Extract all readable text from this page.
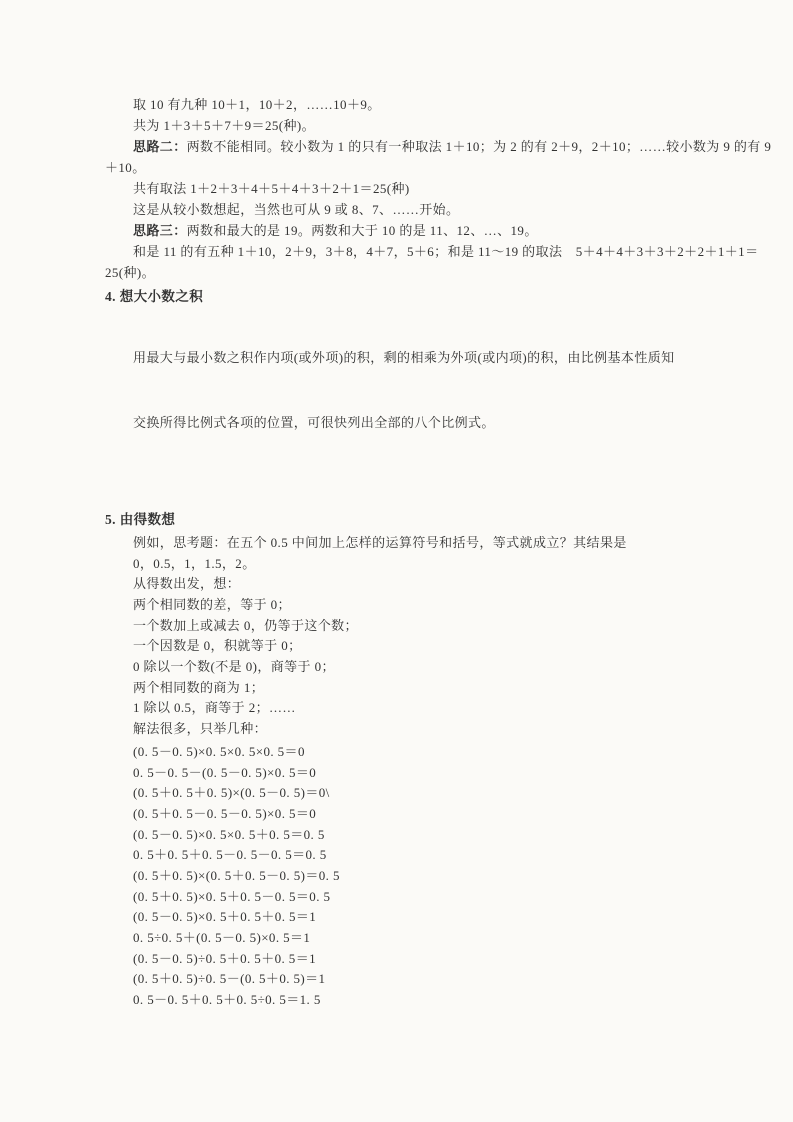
取 10 有九种 10＋1，10＋2，……10＋9。
共为 1＋3＋5＋7＋9＝25(种)。
思路二：两数不能相同。较小数为 1 的只有一种取法 1＋10；为 2 的有 2＋9，2＋10；……较小数为 9 的有 9
＋10。
共有取法 1＋2＋3＋4＋5＋4＋3＋2＋1＝25(种)
这是从较小数想起，当然也可从 9 或 8、7、……开始。
思路三：两数和最大的是 19。两数和大于 10 的是 11、12、…、19。
和是 11 的有五种 1＋10，2＋9，3＋8，4＋7，5＋6；和是 11～19 的取法　5＋4＋4＋3＋3＋2＋2＋1＋1＝
25(种)。
4. 想大小数之积
用最大与最小数之积作内项(或外项)的积，剩的相乘为外项(或内项)的积，由比例基本性质知
交换所得比例式各项的位置，可很快列出全部的八个比例式。
5. 由得数想
例如，思考题：在五个 0.5 中间加上怎样的运算符号和括号，等式就成立？其结果是
0，0.5，1，1.5，2。
从得数出发，想：
两个相同数的差，等于 0；
一个数加上或减去 0，仍等于这个数；
一个因数是 0，积就等于 0；
0 除以一个数(不是 0)，商等于 0；
两个相同数的商为 1；
1 除以 0.5，商等于 2；……
解法很多，只举几种：
(0. 5－0. 5)×0. 5×0. 5×0. 5＝0
0. 5－0. 5－(0. 5－0. 5)×0. 5＝0
(0. 5＋0. 5＋0. 5)×(0. 5－0. 5)＝0\
(0. 5＋0. 5－0. 5－0. 5)×0. 5＝0
(0. 5－0. 5)×0. 5×0. 5＋0. 5＝0. 5
0. 5＋0. 5＋0. 5－0. 5－0. 5＝0. 5
(0. 5＋0. 5)×(0. 5＋0. 5－0. 5)＝0. 5
(0. 5＋0. 5)×0. 5＋0. 5－0. 5＝0. 5
(0. 5－0. 5)×0. 5＋0. 5＋0. 5＝1
0. 5÷0. 5＋(0. 5－0. 5)×0. 5＝1
(0. 5－0. 5)÷0. 5＋0. 5＋0. 5＝1
(0. 5＋0. 5)÷0. 5－(0. 5＋0. 5)＝1
0. 5－0. 5＋0. 5＋0. 5÷0. 5＝1. 5
